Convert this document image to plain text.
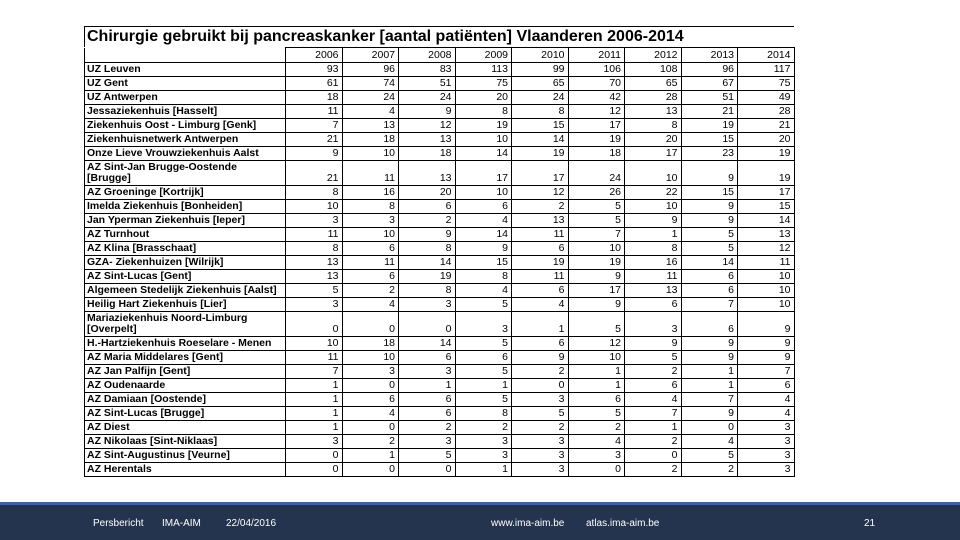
Chirurgie gebruikt bij pancreaskanker [aantal patiënten] Vlaanderen 2006-2014
	2006	2007	2008	2009	2010	2011	2012	2013	2014
UZ Leuven	93	96	83	113	99	106	108	96	117
UZ Gent	61	74	51	75	65	70	65	67	75
UZ Antwerpen	18	24	24	20	24	42	28	51	49
Jessaziekenhuis [Hasselt]	11	4	9	8	8	12	13	21	28
Ziekenhuis Oost - Limburg [Genk]	7	13	12	19	15	17	8	19	21
Ziekenhuisnetwerk Antwerpen	21	18	13	10	14	19	20	15	20
Onze Lieve Vrouwziekenhuis Aalst	9	10	18	14	19	18	17	23	19
AZ Sint-Jan Brugge-Oostende [Brugge]	21	11	13	17	17	24	10	9	19
AZ Groeninge [Kortrijk]	8	16	20	10	12	26	22	15	17
Imelda Ziekenhuis [Bonheiden]	10	8	6	6	2	5	10	9	15
Jan Yperman Ziekenhuis [Ieper]	3	3	2	4	13	5	9	9	14
AZ Turnhout	11	10	9	14	11	7	1	5	13
AZ Klina [Brasschaat]	8	6	8	9	6	10	8	5	12
GZA- Ziekenhuizen [Wilrijk]	13	11	14	15	19	19	16	14	11
AZ Sint-Lucas [Gent]	13	6	19	8	11	9	11	6	10
Algemeen Stedelijk Ziekenhuis [Aalst]	5	2	8	4	6	17	13	6	10
Heilig Hart Ziekenhuis [Lier]	3	4	3	5	4	9	6	7	10
Mariaziekenhuis Noord-Limburg [Overpelt]	0	0	0	3	1	5	3	6	9
H.-Hartziekenhuis Roeselare - Menen	10	18	14	5	6	12	9	9	9
AZ Maria Middelares [Gent]	11	10	6	6	9	10	5	9	9
AZ Jan Palfijn [Gent]	7	3	3	5	2	1	2	1	7
AZ Oudenaarde	1	0	1	1	0	1	6	1	6
AZ Damiaan [Oostende]	1	6	6	5	3	6	4	7	4
AZ Sint-Lucas [Brugge]	1	4	6	8	5	5	7	9	4
AZ Diest	1	0	2	2	2	2	1	0	3
AZ Nikolaas [Sint-Niklaas]	3	2	3	3	3	4	2	4	3
AZ Sint-Augustinus [Veurne]	0	1	5	3	3	3	0	5	3
AZ Herentals	0	0	0	1	3	0	2	2	3
Persbericht IMA-AIM	22/04/2016	www.ima-aim.be atlas.ima-aim.be	21
